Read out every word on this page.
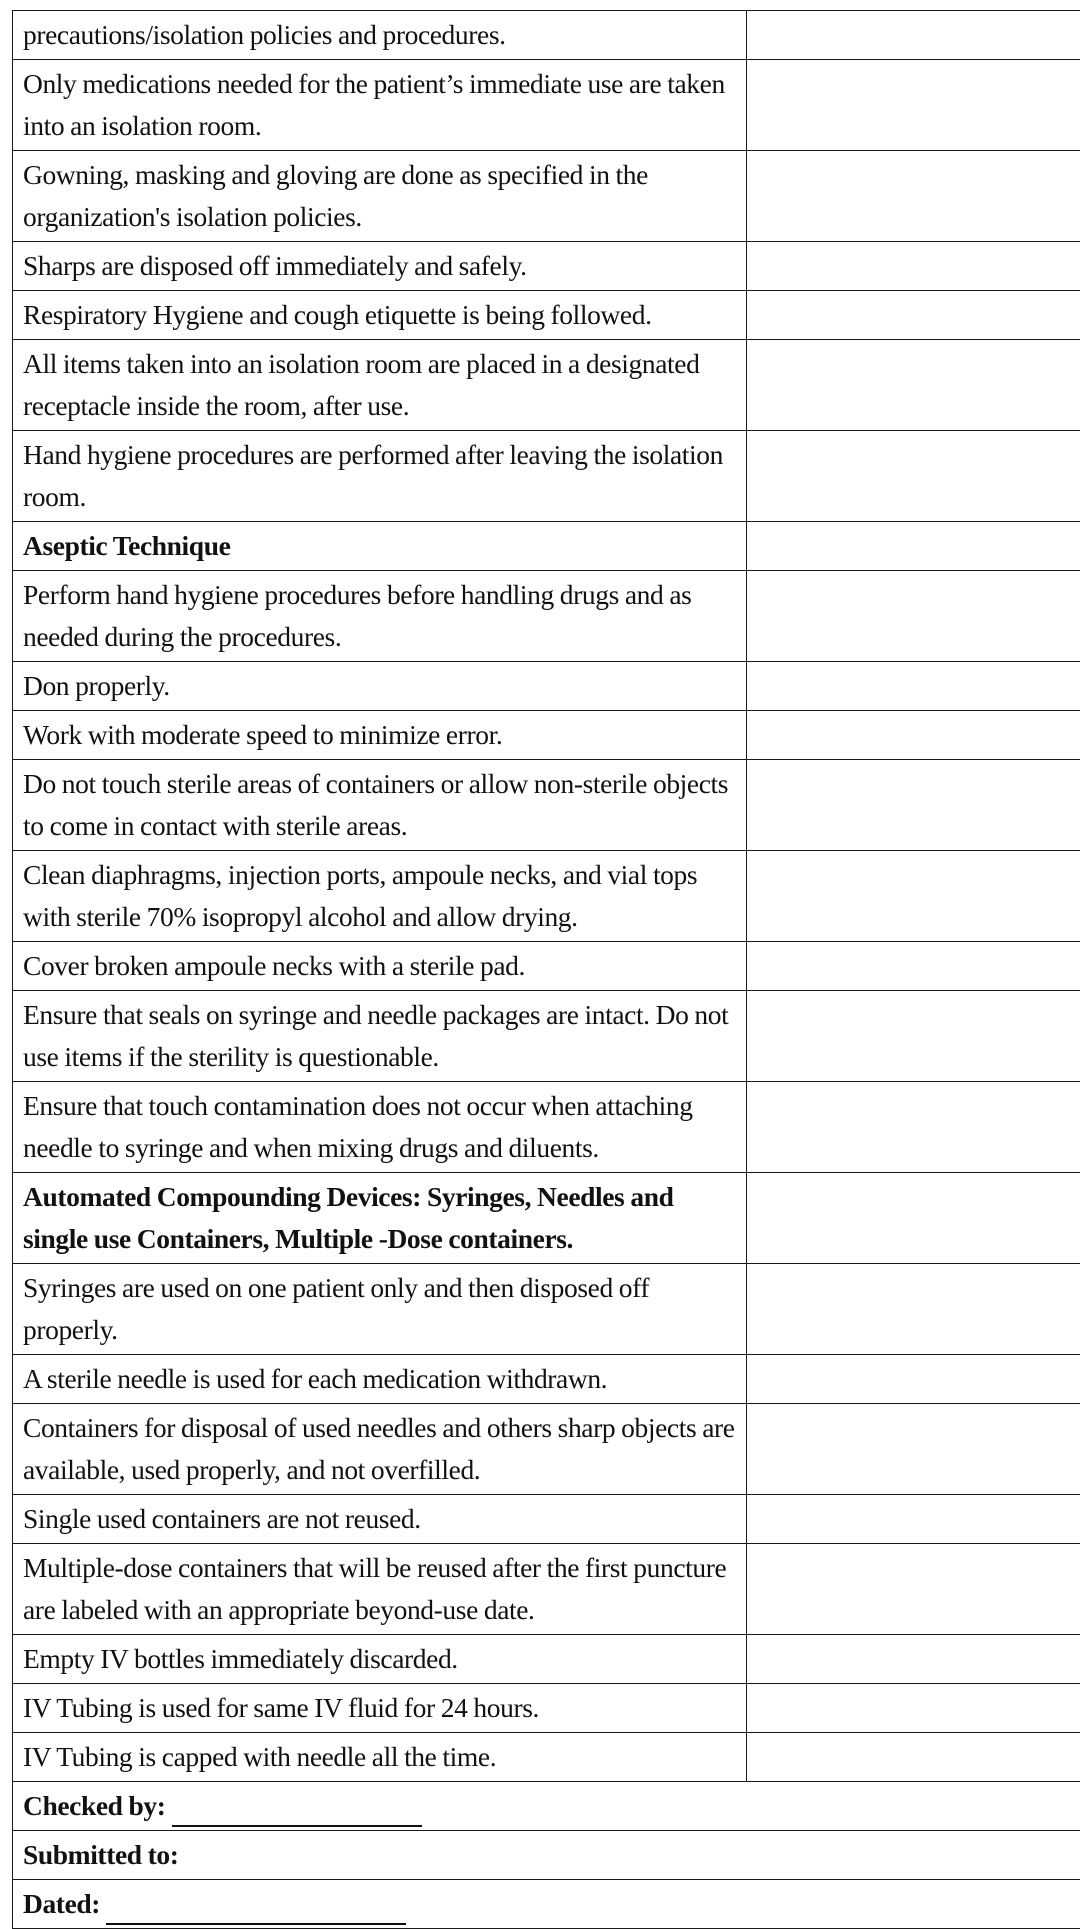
precautions/isolation policies and procedures.	
Only medications needed for the patient’s immediate use are taken into an isolation room.	
Gowning, masking and gloving are done as specified in the organization's isolation policies.	
Sharps are disposed off immediately and safely.	
Respiratory Hygiene and cough etiquette is being followed.	
All items taken into an isolation room are placed in a designated receptacle inside the room, after use.	
Hand hygiene procedures are performed after leaving the isolation room.	
Aseptic Technique	
Perform hand hygiene procedures before handling drugs and as needed during the procedures.	
Don properly.	
Work with moderate speed to minimize error.	
Do not touch sterile areas of containers or allow non-sterile objects to come in contact with sterile areas.	
Clean diaphragms, injection ports, ampoule necks, and vial tops with sterile 70% isopropyl alcohol and allow drying.	
Cover broken ampoule necks with a sterile pad.	
Ensure that seals on syringe and needle packages are intact. Do not use items if the sterility is questionable.	
Ensure that touch contamination does not occur when attaching needle to syringe and when mixing drugs and diluents.	
Automated Compounding Devices: Syringes, Needles and single use Containers, Multiple -Dose containers.	
Syringes are used on one patient only and then disposed off properly.	
A sterile needle is used for each medication withdrawn.	
Containers for disposal of used needles and others sharp objects are available, used properly, and not overfilled.	
Single used containers are not reused.	
Multiple-dose containers that will be reused after the first puncture are labeled with an appropriate beyond-use date.	
Empty IV bottles immediately discarded.	
IV Tubing is used for same IV fluid for 24 hours.	
IV Tubing is capped with needle all the time.	
Checked by:	
Submitted to:	
Dated:	
